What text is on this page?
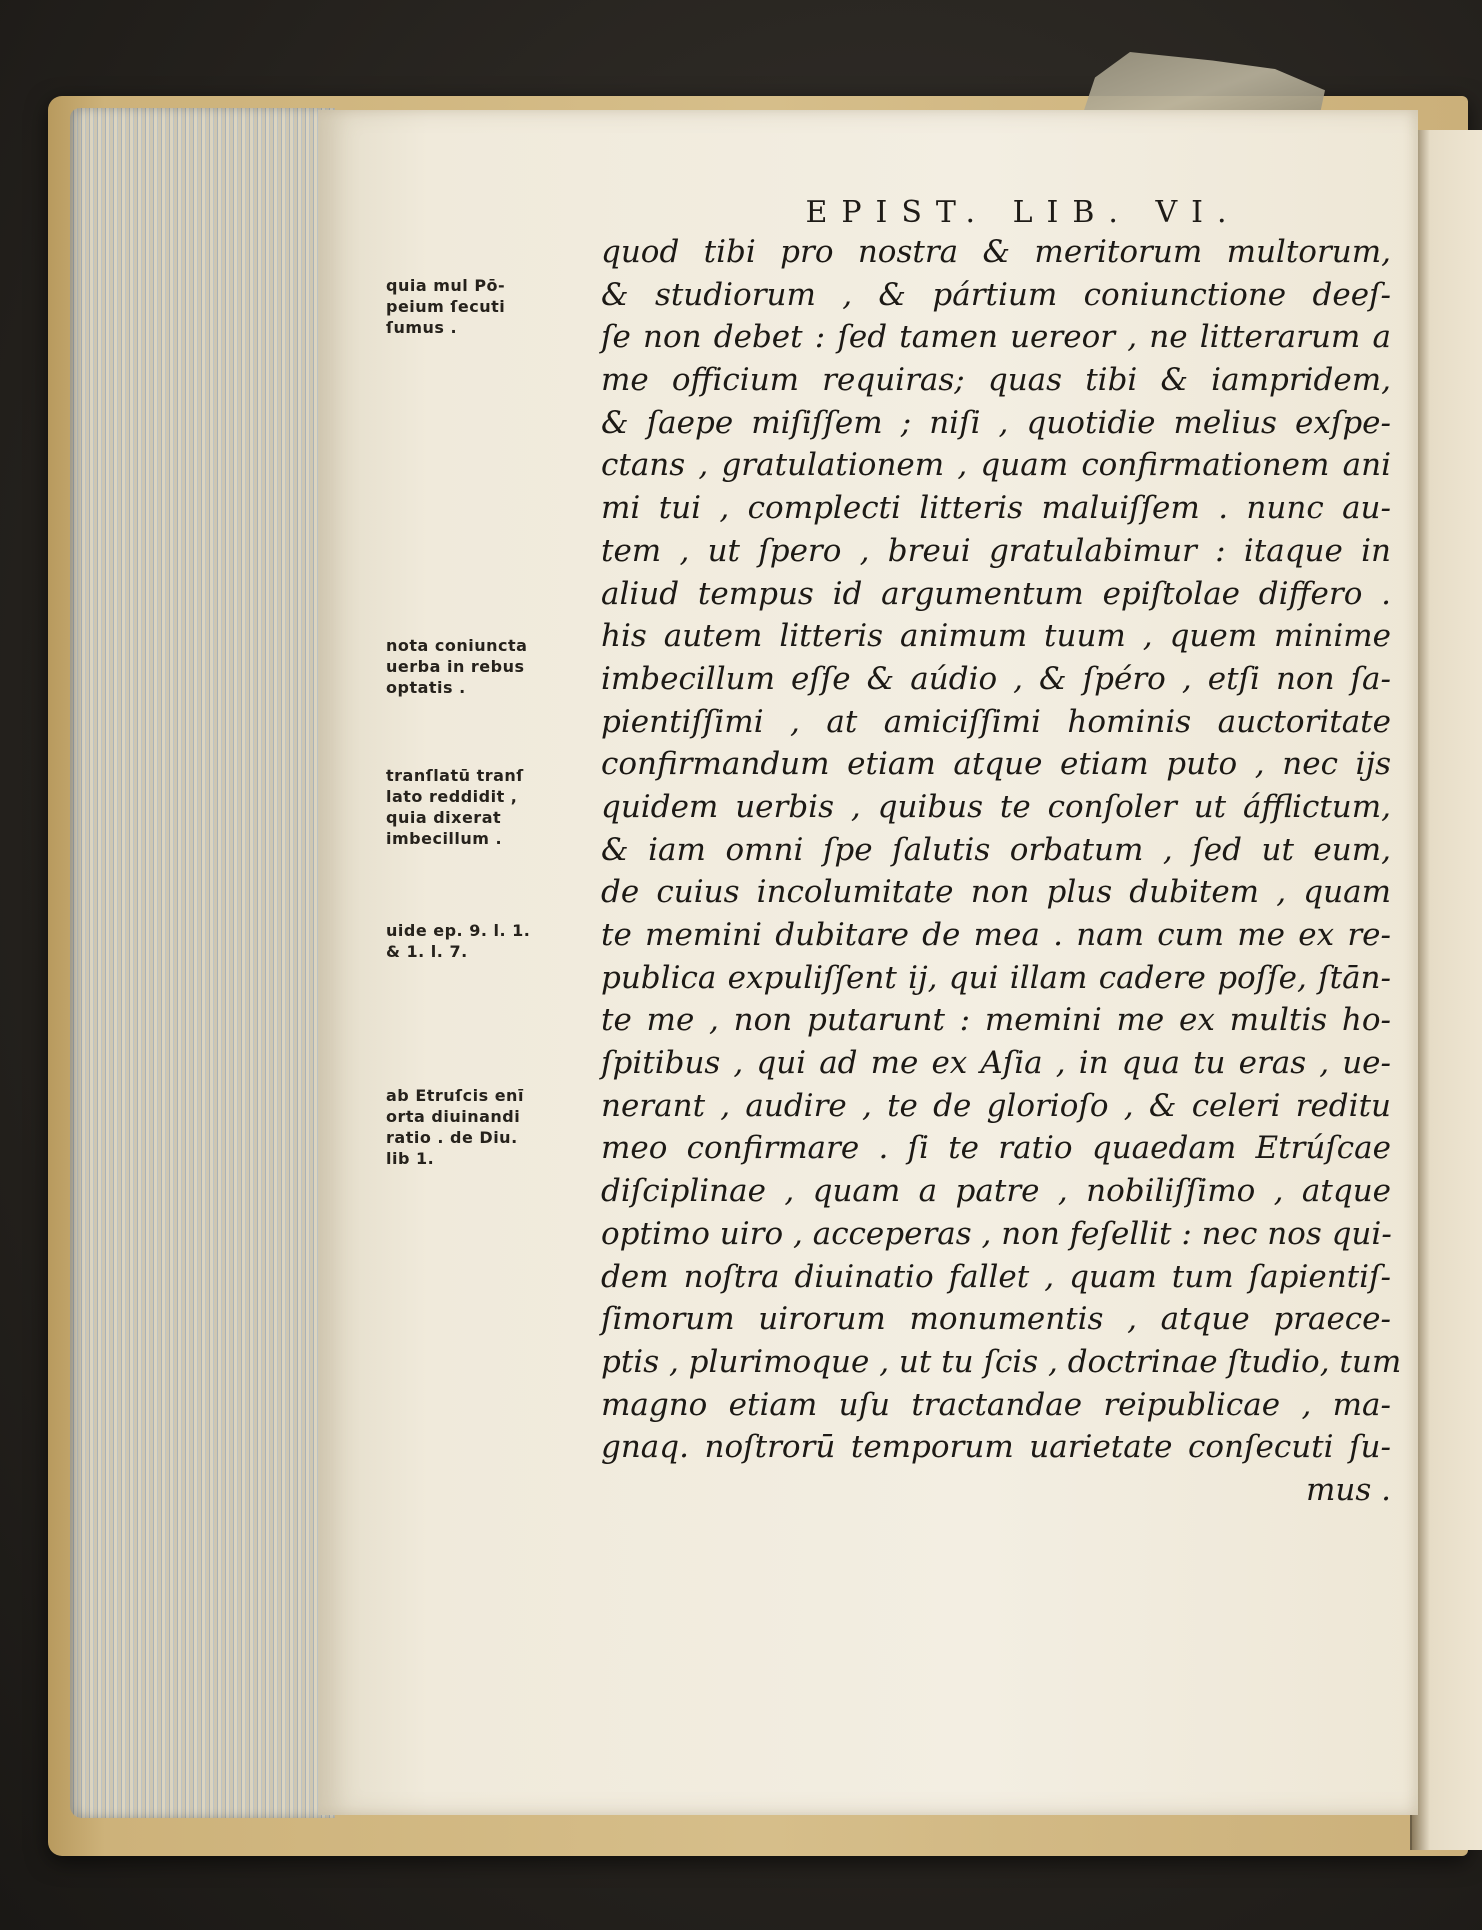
EPIST. LIB. VI.
quod tibi pro nostra & meritorum multorum,
& studiorum , & pártium coniunctione deeſ-
ſe non debet : ſed tamen uereor , ne litterarum a
me officium requiras; quas tibi & iampridem,
& ſaepe miſiſſem ; niſi , quotidie melius exſpe-
ctans , gratulationem , quam confirmationem ani
mi tui , complecti litteris maluiſſem . nunc au-
tem , ut ſpero , breui gratulabimur : itaque in
aliud tempus id argumentum epiſtolae differo .
his autem litteris animum tuum , quem minime
imbecillum eſſe & aúdio , & ſpéro , etſi non ſa-
pientiſſimi , at amiciſſimi hominis auctoritate
confirmandum etiam atque etiam puto , nec ijs
quidem uerbis , quibus te conſoler ut áfflictum,
& iam omni ſpe ſalutis orbatum , ſed ut eum,
de cuius incolumitate non plus dubitem , quam
te memini dubitare de mea . nam cum me ex re-
publica expuliſſent ij, qui illam cadere poſſe, ſtān-
te me , non putarunt : memini me ex multis ho-
ſpitibus , qui ad me ex Aſia , in qua tu eras , ue-
nerant , audire , te de glorioſo , & celeri reditu
meo confirmare . ſi te ratio quaedam Etrúſcae
diſciplinae , quam a patre , nobiliſſimo , atque
optimo uiro , acceperas , non feſellit : nec nos qui-
dem noſtra diuinatio fallet , quam tum ſapientiſ-
ſimorum uirorum monumentis , atque praece-
ptis , plurimoque , ut tu ſcis , doctrinae ſtudio, tum
magno etiam uſu tractandae reipublicae , ma-
gnaq. noſtrorū temporum uarietate conſecuti ſu-
mus .
quia mul Pō-
peium ſecuti
ſumus .
nota coniuncta
uerba in rebus
optatis .
tranſlatū tranſ
lato reddidit ,
quia dixerat
imbecillum .
uide ep. 9. l. 1.
& 1. l. 7.
ab Etruſcis enī
orta diuinandi
ratio . de Diu.
lib 1.
